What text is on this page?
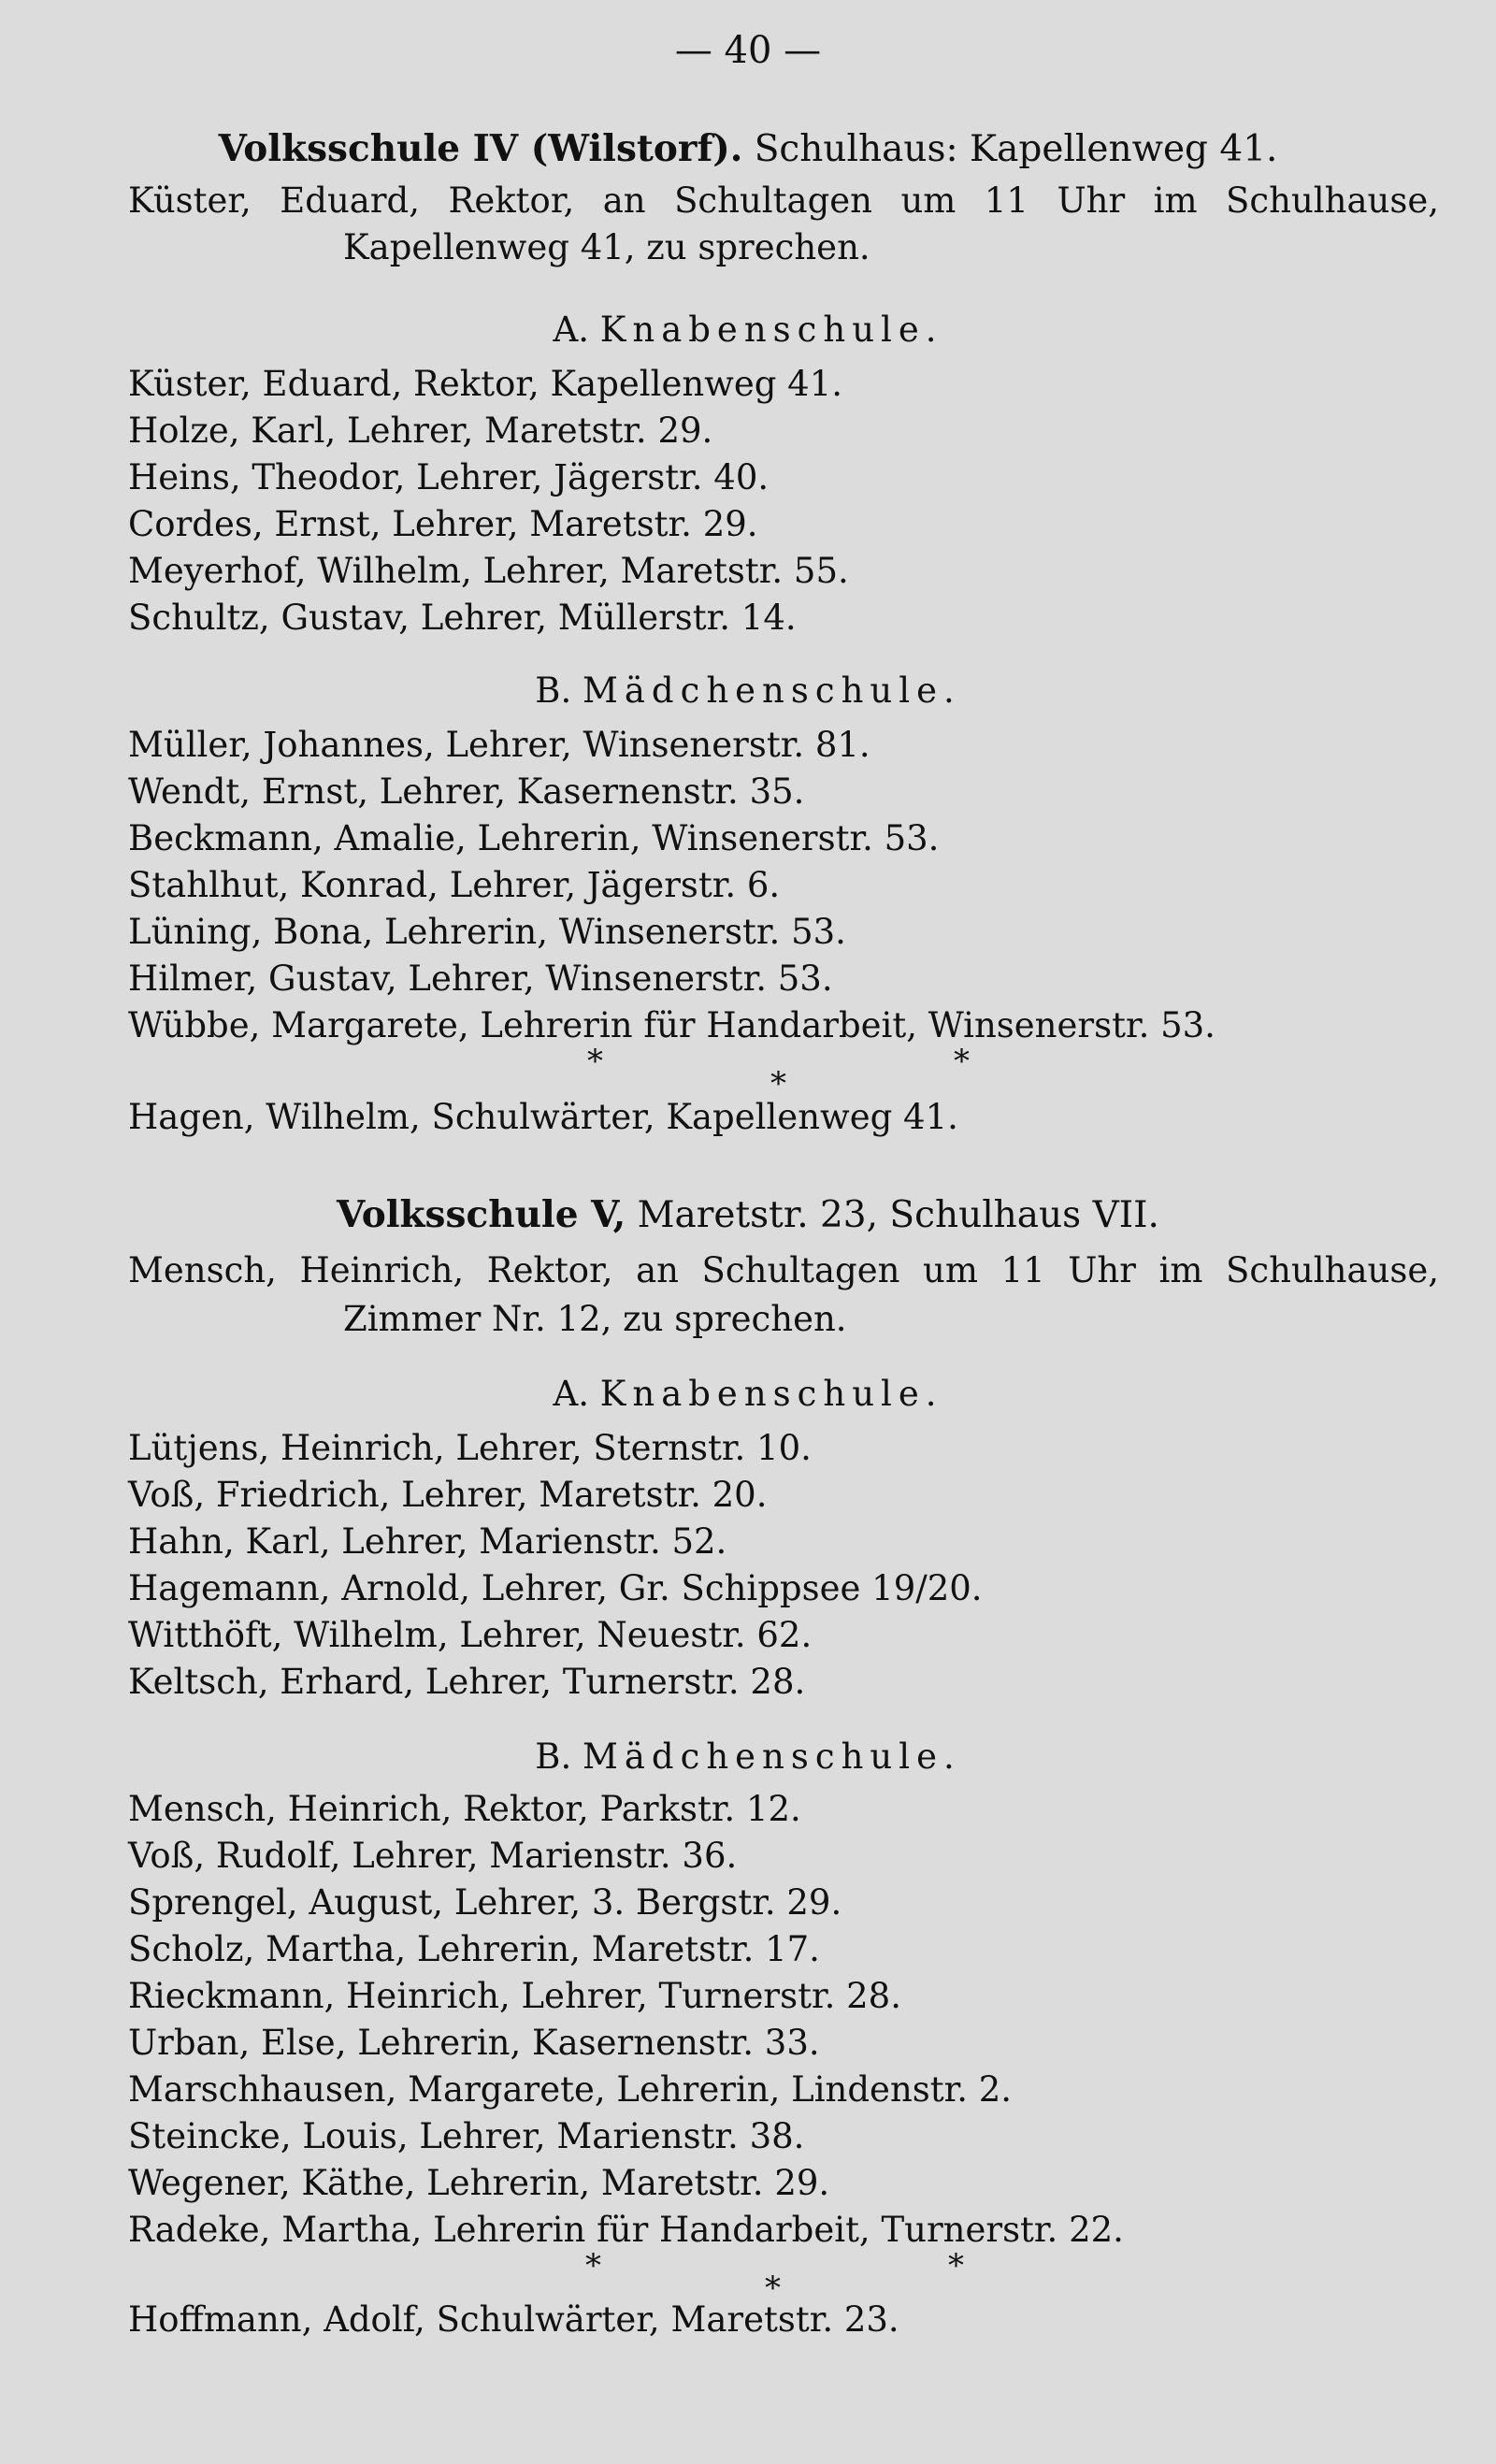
— 40 —
Volksschule IV (Wilstorf). Schulhaus: Kapellenweg 41.
Küster, Eduard, Rektor, an Schultagen um 11 Uhr im Schulhause,
Kapellenweg 41, zu sprechen.
A. Knabenschule.
Küster, Eduard, Rektor, Kapellenweg 41.
Holze, Karl, Lehrer, Maretstr. 29.
Heins, Theodor, Lehrer, Jägerstr. 40.
Cordes, Ernst, Lehrer, Maretstr. 29.
Meyerhof, Wilhelm, Lehrer, Maretstr. 55.
Schultz, Gustav, Lehrer, Müllerstr. 14.
B. Mädchenschule.
Müller, Johannes, Lehrer, Winsenerstr. 81.
Wendt, Ernst, Lehrer, Kasernenstr. 35.
Beckmann, Amalie, Lehrerin, Winsenerstr. 53.
Stahlhut, Konrad, Lehrer, Jägerstr. 6.
Lüning, Bona, Lehrerin, Winsenerstr. 53.
Hilmer, Gustav, Lehrer, Winsenerstr. 53.
Wübbe, Margarete, Lehrerin für Handarbeit, Winsenerstr. 53.
*
*
*
Hagen, Wilhelm, Schulwärter, Kapellenweg 41.
Volksschule V, Maretstr. 23, Schulhaus VII.
Mensch, Heinrich, Rektor, an Schultagen um 11 Uhr im Schulhause,
Zimmer Nr. 12, zu sprechen.
A. Knabenschule.
Lütjens, Heinrich, Lehrer, Sternstr. 10.
Voß, Friedrich, Lehrer, Maretstr. 20.
Hahn, Karl, Lehrer, Marienstr. 52.
Hagemann, Arnold, Lehrer, Gr. Schippsee 19/20.
Witthöft, Wilhelm, Lehrer, Neuestr. 62.
Keltsch, Erhard, Lehrer, Turnerstr. 28.
B. Mädchenschule.
Mensch, Heinrich, Rektor, Parkstr. 12.
Voß, Rudolf, Lehrer, Marienstr. 36.
Sprengel, August, Lehrer, 3. Bergstr. 29.
Scholz, Martha, Lehrerin, Maretstr. 17.
Rieckmann, Heinrich, Lehrer, Turnerstr. 28.
Urban, Else, Lehrerin, Kasernenstr. 33.
Marschhausen, Margarete, Lehrerin, Lindenstr. 2.
Steincke, Louis, Lehrer, Marienstr. 38.
Wegener, Käthe, Lehrerin, Maretstr. 29.
Radeke, Martha, Lehrerin für Handarbeit, Turnerstr. 22.
*
*
*
Hoffmann, Adolf, Schulwärter, Maretstr. 23.
